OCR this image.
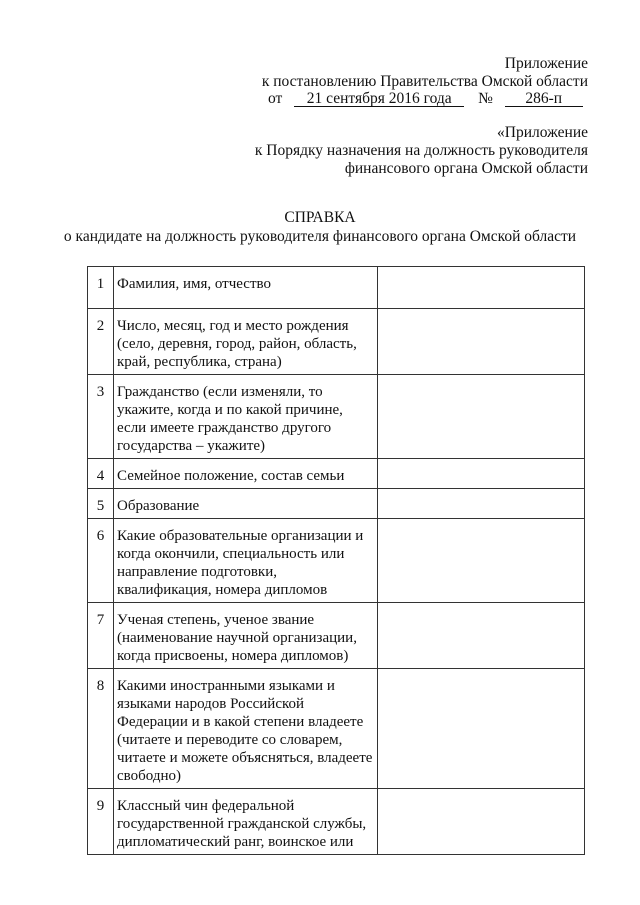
Приложение
к постановлению Правительства Омской области
от 21 сентября 2016 года № 286-п
«Приложение
к Порядку назначения на должность руководителя
финансового органа Омской области
СПРАВКА
о кандидате на должность руководителя финансового органа Омской области
1	Фамилия, имя, отчество	
2	Число, месяц, год и место рождения (село, деревня, город, район, область, край, республика, страна)	
3	Гражданство (если изменяли, то укажите, когда и по какой причине, если имеете гражданство другого государства – укажите)	
4	Семейное положение, состав семьи	
5	Образование	
6	Какие образовательные организации и когда окончили, специальность или направление подготовки, квалификация, номера дипломов	
7	Ученая степень, ученое звание (наименование научной организации, когда присвоены, номера дипломов)	
8	Какими иностранными языками и языками народов Российской Федерации и в какой степени владеете (читаете и переводите со словарем, читаете и можете объясняться, владеете свободно)	
9	Классный чин федеральной государственной гражданской службы, дипломатический ранг, воинское или	
